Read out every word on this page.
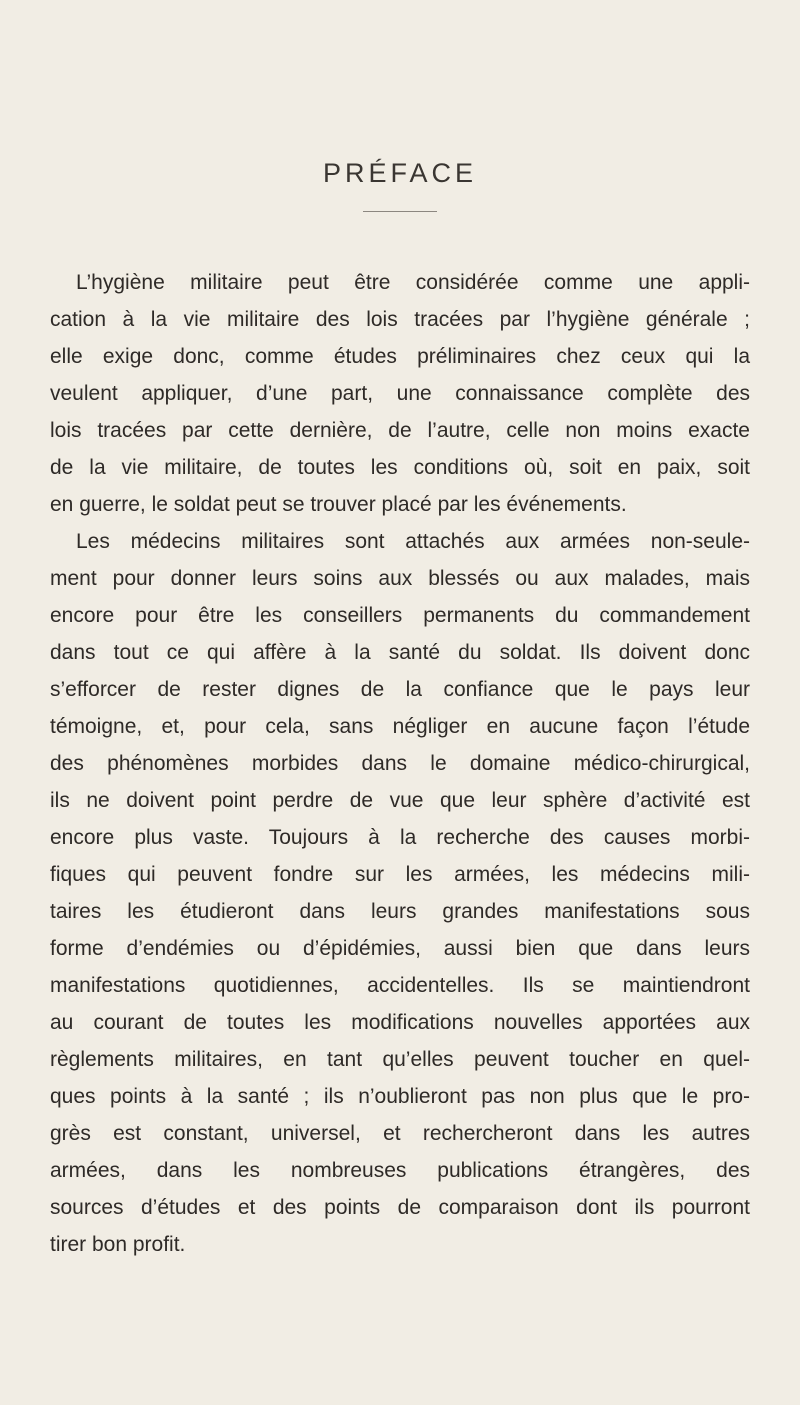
PRÉFACE
L’hygiène militaire peut être considérée comme une appli-
cation à la vie militaire des lois tracées par l’hygiène générale ;
elle exige donc, comme études préliminaires chez ceux qui la
veulent appliquer, d’une part, une connaissance complète des
lois tracées par cette dernière, de l’autre, celle non moins exacte
de la vie militaire, de toutes les conditions où, soit en paix, soit
en guerre, le soldat peut se trouver placé par les événements.
Les médecins militaires sont attachés aux armées non-seule-
ment pour donner leurs soins aux blessés ou aux malades, mais
encore pour être les conseillers permanents du commandement
dans tout ce qui affère à la santé du soldat. Ils doivent donc
s’efforcer de rester dignes de la confiance que le pays leur
témoigne, et, pour cela, sans négliger en aucune façon l’étude
des phénomènes morbides dans le domaine médico-chirurgical,
ils ne doivent point perdre de vue que leur sphère d’activité est
encore plus vaste. Toujours à la recherche des causes morbi-
fiques qui peuvent fondre sur les armées, les médecins mili-
taires les étudieront dans leurs grandes manifestations sous
forme d’endémies ou d’épidémies, aussi bien que dans leurs
manifestations quotidiennes, accidentelles. Ils se maintiendront
au courant de toutes les modifications nouvelles apportées aux
règlements militaires, en tant qu’elles peuvent toucher en quel-
ques points à la santé ; ils n’oublieront pas non plus que le pro-
grès est constant, universel, et rechercheront dans les autres
armées, dans les nombreuses publications étrangères, des
sources d’études et des points de comparaison dont ils pourront
tirer bon profit.
